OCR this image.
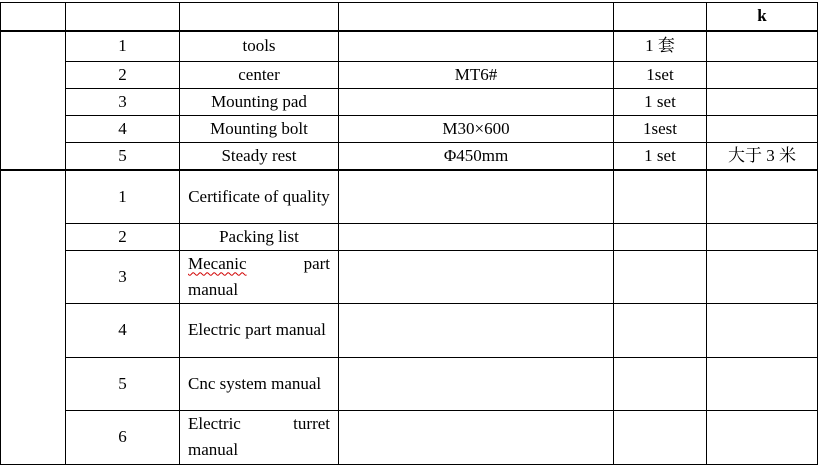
					k
	1	tools		1 套	
	2	center	MT6#	1set	
	3	Mounting pad		1 set	
	4	Mounting bolt	M30×600	1sest	
	5	Steady rest	Φ450mm	1 set	大于 3 米
	1	Certificate of quality			
	2	Packing list			
	3	Mecanic part manual			
	4	Electric part manual			
	5	Cnc system manual			
	6	Electric turret manual			
